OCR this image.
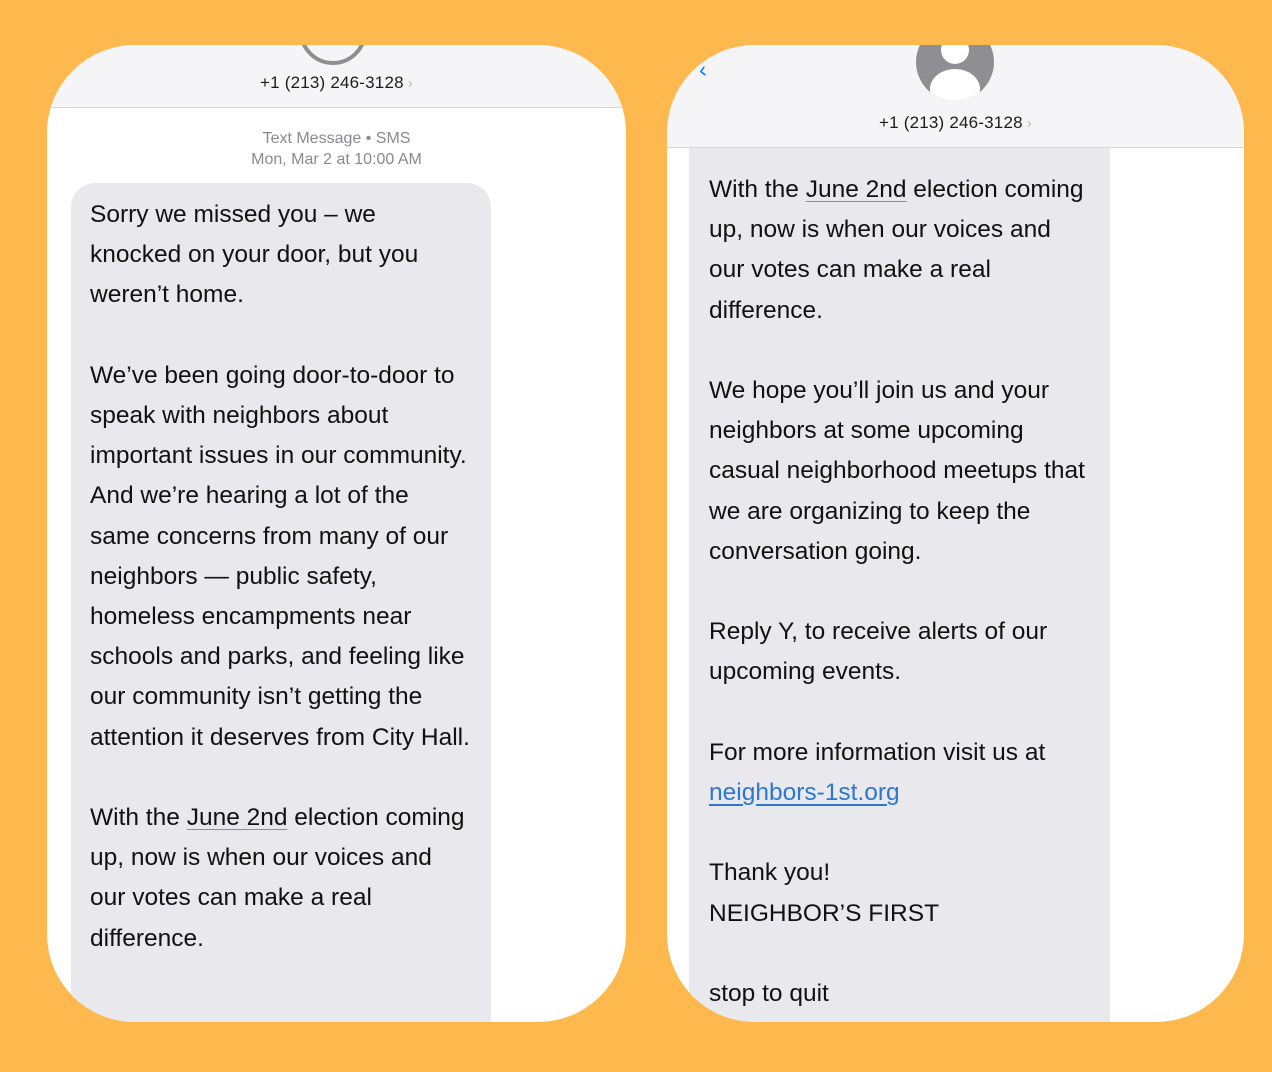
+1 (213) 246-3128 ›
Text Message • SMS
Mon, Mar 2 at 10:00 AM

Sorry we missed you – we knocked on your door, but you weren’t home.

We’ve been going door-to-door to speak with neighbors about important issues in our community. And we’re hearing a lot of the same concerns from many of our neighbors — public safety, homeless encampments near schools and parks, and feeling like our community isn’t getting the attention it deserves from City Hall.

With the June 2nd election coming up, now is when our voices and our votes can make a real difference.

‹
+1 (213) 246-3128 ›

With the June 2nd election coming up, now is when our voices and our votes can make a real difference.

We hope you’ll join us and your neighbors at some upcoming casual neighborhood meetups that we are organizing to keep the conversation going.

Reply Y, to receive alerts of our upcoming events.

For more information visit us at
neighbors-1st.org

Thank you!
NEIGHBOR’S FIRST

stop to quit
